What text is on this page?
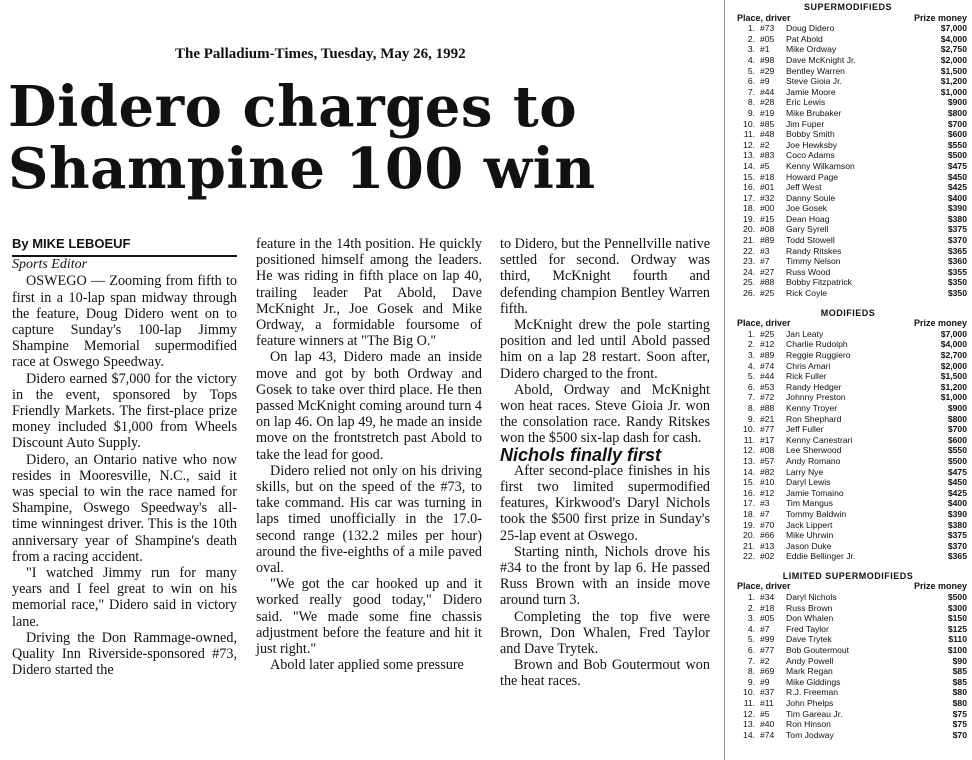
The Palladium-Times, Tuesday, May 26, 1992
Didero charges to
Shampine 100 win

By MIKE LEBOEUF

Sports Editor

OSWEGO — Zooming from fifth to first in a 10-lap span midway through the feature, Doug Didero went on to capture Sunday's 100-lap Jimmy Shampine Memorial supermodified race at Oswego Speedway.

Didero earned $7,000 for the victory in the event, sponsored by Tops Friendly Markets. The first-place prize money included $1,000 from Wheels Discount Auto Supply.

Didero, an Ontario native who now resides in Mooresville, N.C., said it was special to win the race named for Shampine, Oswego Speedway's all-time winningest driver. This is the 10th anniversary year of Shampine's death from a racing accident.

"I watched Jimmy run for many years and I feel great to win on his memorial race," Didero said in victory lane.

Driving the Don Rammage-owned, Quality Inn Riverside-sponsored #73, Didero started the

feature in the 14th position. He quickly positioned himself among the leaders. He was riding in fifth place on lap 40, trailing leader Pat Abold, Dave McKnight Jr., Joe Gosek and Mike Ordway, a formidable foursome of feature winners at "The Big O."

On lap 43, Didero made an inside move and got by both Ordway and Gosek to take over third place. He then passed McKnight coming around turn 4 on lap 46. On lap 49, he made an inside move on the frontstretch past Abold to take the lead for good.

Didero relied not only on his driving skills, but on the speed of the #73, to take command. His car was turning in laps timed unofficially in the 17.0-second range (132.2 miles per hour) around the five-eighths of a mile paved oval.

"We got the car hooked up and it worked really good today," Didero said. "We made some fine chassis adjustment before the feature and hit it just right."

Abold later applied some pressure

to Didero, but the Pennellville native settled for second. Ordway was third, McKnight fourth and defending champion Bentley Warren fifth.

McKnight drew the pole starting position and led until Abold passed him on a lap 28 restart. Soon after, Didero charged to the front.

Abold, Ordway and McKnight won heat races. Steve Gioia Jr. won the consolation race. Randy Ritskes won the $500 six-lap dash for cash.

Nichols finally first

After second-place finishes in his first two limited supermodified features, Kirkwood's Daryl Nichols took the $500 first prize in Sunday's 25-lap event at Oswego.

Starting ninth, Nichols drove his #34 to the front by lap 6. He passed Russ Brown with an inside move around turn 3.

Completing the top five were Brown, Don Whalen, Fred Taylor and Dave Trytek.

Brown and Bob Goutermout won the heat races.

SUPERMODIFIEDS
Place, driver	Prize money
1. #73	Doug Didero	$7,000
2. #05	Pat Abold	$4,000
3. #1	Mike Ordway	$2,750
4. #98	Dave McKnight Jr.	$2,000
5. #29	Bentley Warren	$1,500
6. #9	Steve Gioia Jr.	$1,200
7. #44	Jamie Moore	$1,000
8. #28	Eric Lewis	$900
9. #19	Mike Brubaker	$800
10. #85	Jim Fuper	$700
11. #48	Bobby Smith	$600
12. #2	Joe Hewksby	$550
13. #83	Coco Adams	$500
14. #5	Kenny Wilkamson	$475
15. #18	Howard Page	$450
16. #01	Jeff West	$425
17. #32	Danny Soule	$400
18. #00	Joe Gosek	$390
19. #15	Dean Hoag	$380
20. #08	Gary Syrell	$375
21. #89	Todd Stowell	$370
22. #3	Randy Ritskes	$365
23. #7	Timmy Nelson	$360
24. #27	Russ Wood	$355
25. #88	Bobby Fitzpatrick	$350
26. #25	Rick Coyle	$350
MODIFIEDS
Place, driver	Prize money
1. #25	Jan Leaty	$7,000
2. #12	Charlie Rudolph	$4,000
3. #89	Reggie Ruggiero	$2,700
4. #74	Chris Amari	$2,000
5. #44	Rick Fuller	$1,500
6. #53	Randy Hedger	$1,200
7. #72	Johnny Preston	$1,000
8. #88	Kenny Troyer	$900
9. #21	Ron Shephard	$800
10. #77	Jeff Fuller	$700
11. #17	Kenny Canestrari	$600
12. #08	Lee Sherwood	$550
13. #57	Andy Romano	$500
14. #82	Larry Nye	$475
15. #10	Daryl Lewis	$450
16. #12	Jamie Tomaino	$425
17. #3	Tim Mangus	$400
18. #7	Tommy Baldwin	$390
19. #70	Jack Lippert	$380
20. #66	Mike Uhrwin	$375
21. #13	Jason Duke	$370
22. #02	Eddie Bellinger Jr.	$365
LIMITED SUPERMODIFIEDS
Place, driver	Prize money
1. #34	Daryl Nichols	$500
2. #18	Russ Brown	$300
3. #05	Don Whalen	$150
4. #7	Fred Taylor	$125
5. #99	Dave Trytek	$110
6. #77	Bob Goutermout	$100
7. #2	Andy Powell	$90
8. #69	Mark Regan	$85
9. #9	Mike Giddings	$85
10. #37	R.J. Freeman	$80
11. #11	John Phelps	$80
12. #5	Tim Gareau Jr.	$75
13. #40	Ron Hinson	$75
14. #74	Tom Jodway	$70
